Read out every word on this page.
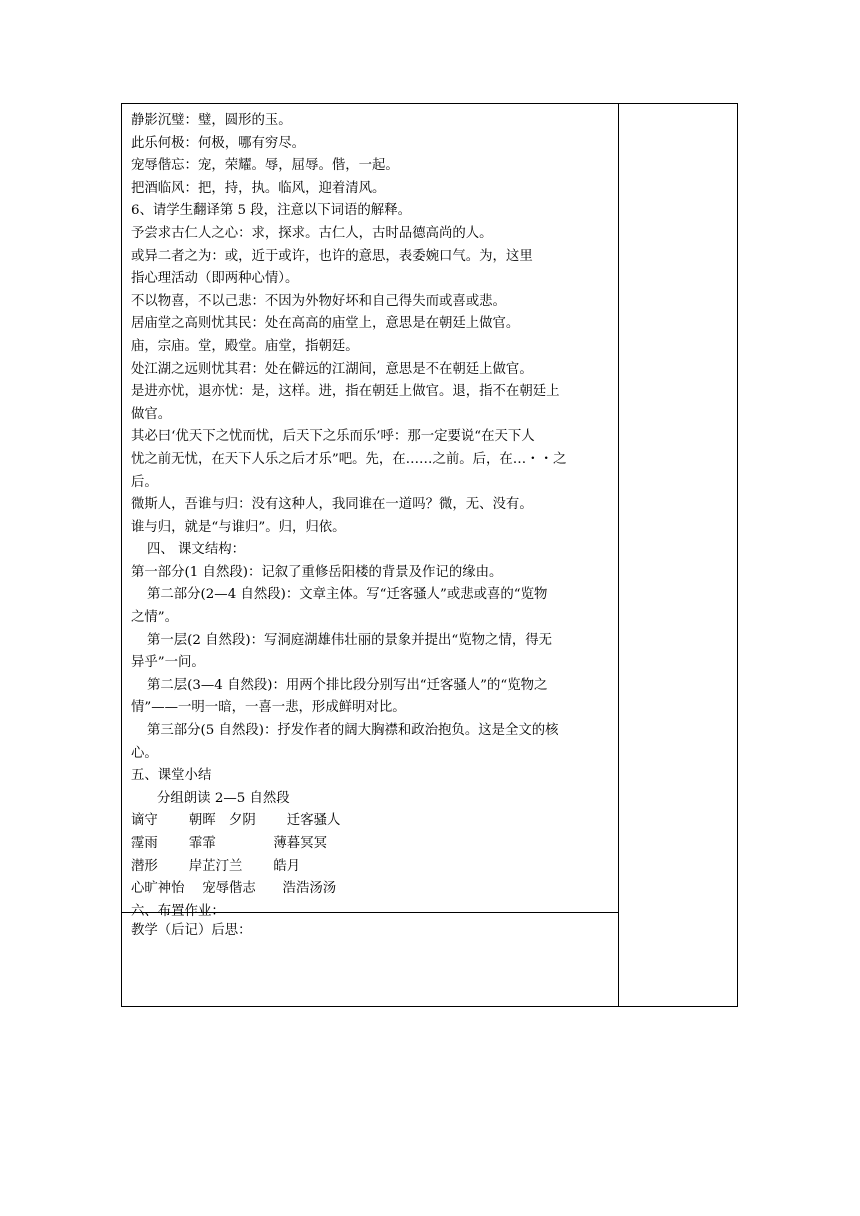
静影沉璧：璧，圆形的玉。
此乐何极：何极，哪有穷尽。
宠辱偕忘：宠，荣耀。辱，屈辱。偕，一起。
把酒临风：把，持，执。临风，迎着清风。
6、请学生翻译第 5 段，注意以下词语的解释。
予尝求古仁人之心：求，探求。古仁人，古时品德高尚的人。
或异二者之为：或，近于或许，也许的意思，表委婉口气。为，这里
指心理活动（即两种心情）。
不以物喜，不以己悲：不因为外物好坏和自己得失而或喜或悲。
居庙堂之高则忧其民：处在高高的庙堂上，意思是在朝廷上做官。
庙，宗庙。堂，殿堂。庙堂，指朝廷。
处江湖之远则忧其君：处在僻远的江湖间，意思是不在朝廷上做官。
是进亦忧，退亦忧：是，这样。进，指在朝廷上做官。退，指不在朝廷上
做官。
其必曰‘优天下之忧而忧，后天下之乐而乐’呼：那一定要说“在天下人
忧之前无忧，在天下人乐之后才乐”吧。先，在……之前。后，在…・・之
后。
微斯人，吾谁与归：没有这种人，我同谁在一道吗？微，无、没有。
谁与归，就是“与谁归”。归，归依。
四、 课文结构：
第一部分(1 自然段)：记叙了重修岳阳楼的背景及作记的缘由。
第二部分(2—4 自然段)：文章主体。写“迁客骚人”或悲或喜的“览物
之情”。
第一层(2 自然段)：写洞庭湖雄伟壮丽的景象并提出“览物之情，得无
异乎”一问。
第二层(3—4 自然段)：用两个排比段分别写出“迁客骚人”的“览物之
情”——一明一暗，一喜一悲，形成鲜明对比。
第三部分(5 自然段)：抒发作者的阔大胸襟和政治抱负。这是全文的核
心。
五、课堂小结
分组朗读 2—5 自然段
谪守　　 朝晖　夕阴　　 迁客骚人
霪雨　　 霏霏　　　　 薄暮冥冥
潜形　　 岸芷汀兰　　 皓月
心旷神怡　 宠辱偕志　　浩浩汤汤
六、布置作业：
教学（后记）后思：
